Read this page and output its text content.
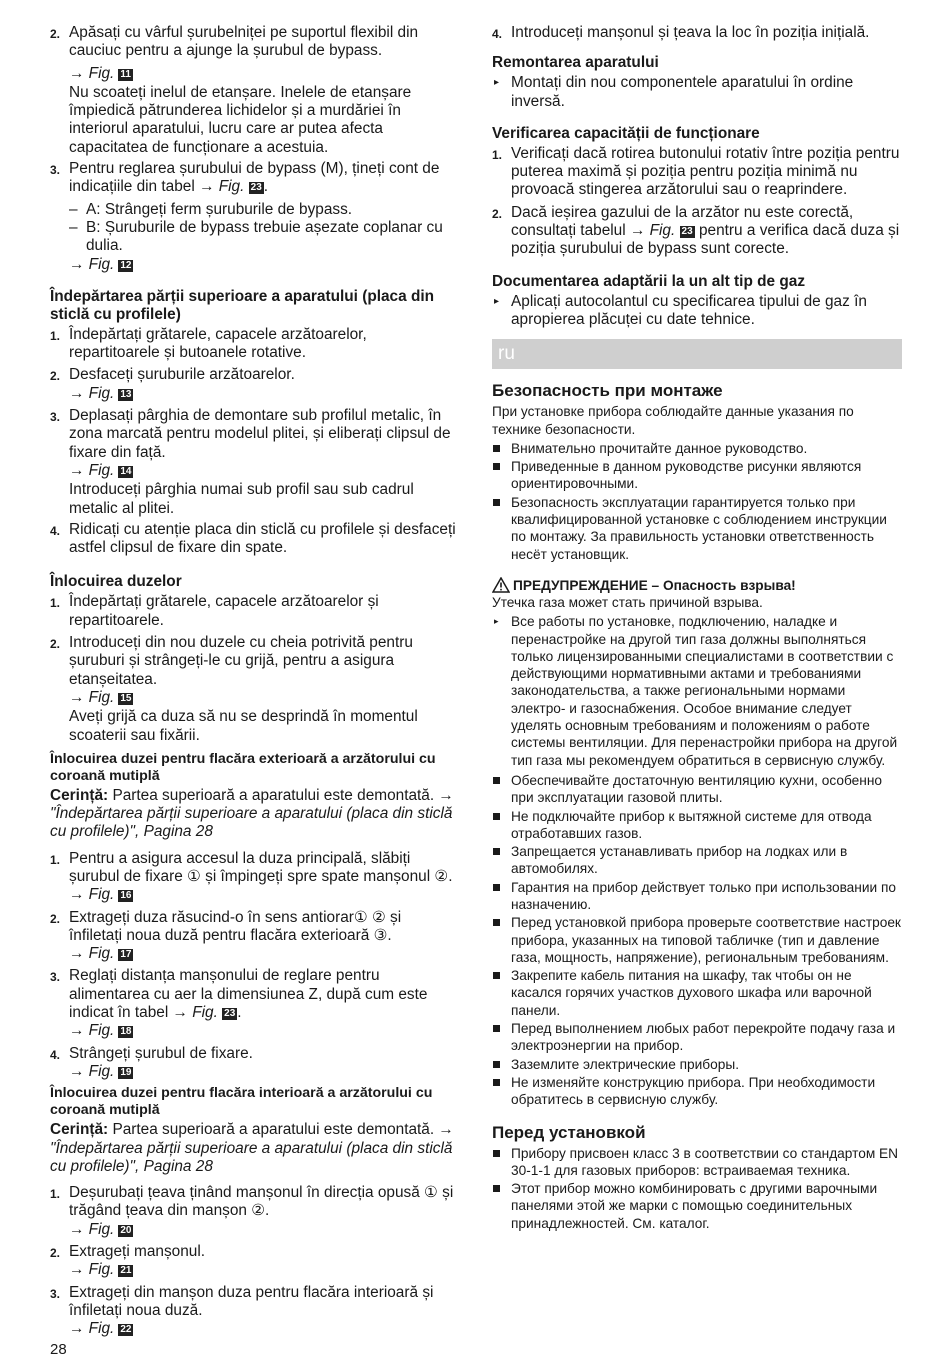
2. Apăsați cu vârful șurubelniței pe suportul flexibil din cauciuc pentru a ajunge la șurubul de bypass.
→ Fig. 11
Nu scoateți inelul de etanșare. Inelele de etanșare împiedică pătrunderea lichidelor și a murdăriei în interiorul aparatului, lucru care ar putea afecta capacitatea de funcționare a acestuia.
3. Pentru reglarea șurubului de bypass (M), țineți cont de indicațiile din tabel → Fig. 23 .
– A: Strângeți ferm șuruburile de bypass.
– B: Șuruburile de bypass trebuie așezate coplanar cu dulia.
→ Fig. 12
Îndepărtarea părții superioare a aparatului (placa din sticlă cu profilele)
1. Îndepărtați grătarele, capacele arzătoarelor, repartitoarele și butoanele rotative.
2. Desfaceți șuruburile arzătoarelor.
→ Fig. 13
3. Deplasați pârghia de demontare sub profilul metalic, în zona marcată pentru modelul plitei, și eliberați clipsul de fixare din față.
→ Fig. 14
Introduceți pârghia numai sub profil sau sub cadrul metalic al plitei.
4. Ridicați cu atenție placa din sticlă cu profilele și desfaceți astfel clipsul de fixare din spate.
Înlocuirea duzelor
1. Îndepărtați grătarele, capacele arzătoarelor și repartitoarele.
2. Introduceți din nou duzele cu cheia potrivită pentru șuruburi și strângeți-le cu grijă, pentru a asigura etanșeitatea.
→ Fig. 15
Aveți grijă ca duza să nu se desprindă în momentul scoaterii sau fixării.
Înlocuirea duzei pentru flacăra exterioară a arzătorului cu coroană mutiplă
Cerință: Partea superioară a aparatului este demontată. → "Îndepărtarea părții superioare a aparatului (placa din sticlă cu profilele)", Pagina 28
1. Pentru a asigura accesul la duza principală, slăbiți șurubul de fixare ① și împingeți spre spate manșonul ②.
→ Fig. 16
2. Extrageți duza răsucind-o în sens antiorar① ② și înfiletați noua duză pentru flacăra exterioară ③.
→ Fig. 17
3. Reglați distanța manșonului de reglare pentru alimentarea cu aer la dimensiunea Z, după cum este indicat în tabel → Fig. 23 .
→ Fig. 18
4. Strângeți șurubul de fixare.
→ Fig. 19
Înlocuirea duzei pentru flacăra interioară a arzătorului cu coroană mutiplă
Cerință: Partea superioară a aparatului este demontată. → "Îndepărtarea părții superioare a aparatului (placa din sticlă cu profilele)", Pagina 28
1. Deșurubați țeava ținând manșonul în direcția opusă ① și trăgând țeava din manșon ②.
→ Fig. 20
2. Extrageți manșonul.
→ Fig. 21
3. Extrageți din manșon duza pentru flacăra interioară și înfiletați noua duză.
→ Fig. 22
4. Introduceți manșonul și țeava la loc în poziția inițială.
Remontarea aparatului
▸ Montați din nou componentele aparatului în ordine inversă.
Verificarea capacității de funcționare
1. Verificați dacă rotirea butonului rotativ între poziția pentru puterea maximă și poziția pentru poziția minimă nu provoacă stingerea arzătorului sau o reaprindere.
2. Dacă ieșirea gazului de la arzător nu este corectă, consultați tabelul → Fig. 23 pentru a verifica dacă duza și poziția șurubului de bypass sunt corecte.
Documentarea adaptării la un alt tip de gaz
▸ Aplicați autocolantul cu specificarea tipului de gaz în apropierea plăcuței cu date tehnice.
ru
Безопасность при монтаже
При установке прибора соблюдайте данные указания по технике безопасности.
Внимательно прочитайте данное руководство.
Приведенные в данном руководстве рисунки являются ориентировочными.
Безопасность эксплуатации гарантируется только при квалифицированной установке с соблюдением инструкции по монтажу. За правильность установки ответственность несёт установщик.
ПРЕДУПРЕЖДЕНИЕ – Опасность взрыва!
Утечка газа может стать причиной взрыва.
▸ Все работы по установке, подключению, наладке и перенастройке на другой тип газа должны выполняться только лицензированными специалистами в соответствии с действующими нормативными актами и требованиями законодательства, а также региональными нормами электро- и газоснабжения. Особое внимание следует уделять основным требованиям и положениям о работе системы вентиляции. Для перенастройки прибора на другой тип газа мы рекомендуем обратиться в сервисную службу.
Обеспечивайте достаточную вентиляцию кухни, особенно при эксплуатации газовой плиты.
Не подключайте прибор к вытяжной системе для отвода отработавших газов.
Запрещается устанавливать прибор на лодках или в автомобилях.
Гарантия на прибор действует только при использовании по назначению.
Перед установкой прибора проверьте соответствие настроек прибора, указанных на типовой табличке (тип и давление газа, мощность, напряжение), региональным требованиям.
Закрепите кабель питания на шкафу, так чтобы он не касался горячих участков духового шкафа или варочной панели.
Перед выполнением любых работ перекройте подачу газа и электроэнергии на прибор.
Заземлите электрические приборы.
Не изменяйте конструкцию прибора. При необходимости обратитесь в сервисную службу.
Перед установкой
Прибору присвоен класс 3 в соответствии со стандартом EN 30-1-1 для газовых приборов: встраиваемая техника.
Этот прибор можно комбинировать с другими варочными панелями этой же марки с помощью соединительных принадлежностей. См. каталог.
28
